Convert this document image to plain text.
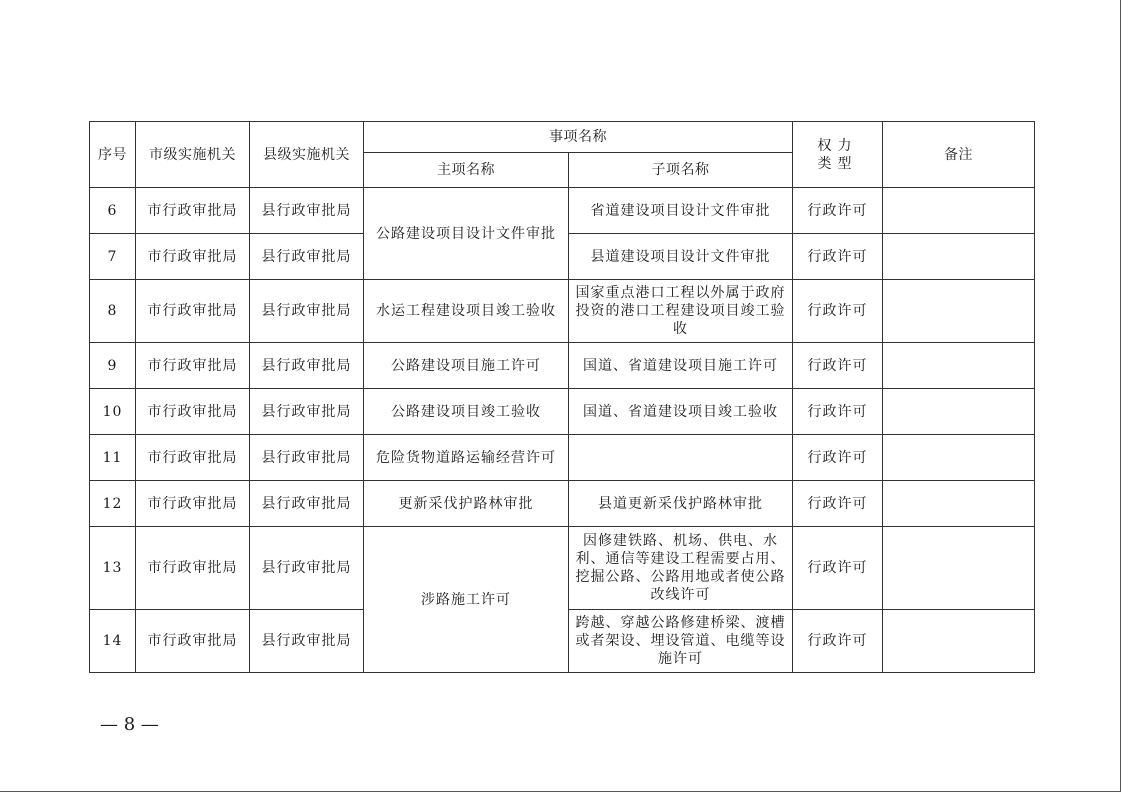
序号	市级实施机关	县级实施机关	事项名称		权力类型	备注
			主项名称	子项名称		
6	市行政审批局	县行政审批局	公路建设项目设计文件审批	省道建设项目设计文件审批	行政许可	
7	市行政审批局	县行政审批局		县道建设项目设计文件审批	行政许可	
8	市行政审批局	县行政审批局	水运工程建设项目竣工验收	国家重点港口工程以外属于政府投资的港口工程建设项目竣工验收	行政许可	
9	市行政审批局	县行政审批局	公路建设项目施工许可	国道、省道建设项目施工许可	行政许可	
10	市行政审批局	县行政审批局	公路建设项目竣工验收	国道、省道建设项目竣工验收	行政许可	
11	市行政审批局	县行政审批局	危险货物道路运输经营许可		行政许可	
12	市行政审批局	县行政审批局	更新采伐护路林审批	县道更新采伐护路林审批	行政许可	
13	市行政审批局	县行政审批局	涉路施工许可	因修建铁路、机场、供电、水利、通信等建设工程需要占用、挖掘公路、公路用地或者使公路改线许可	行政许可	
14	市行政审批局	县行政审批局		跨越、穿越公路修建桥梁、渡槽或者架设、埋设管道、电缆等设施许可	行政许可	
— 8 —
